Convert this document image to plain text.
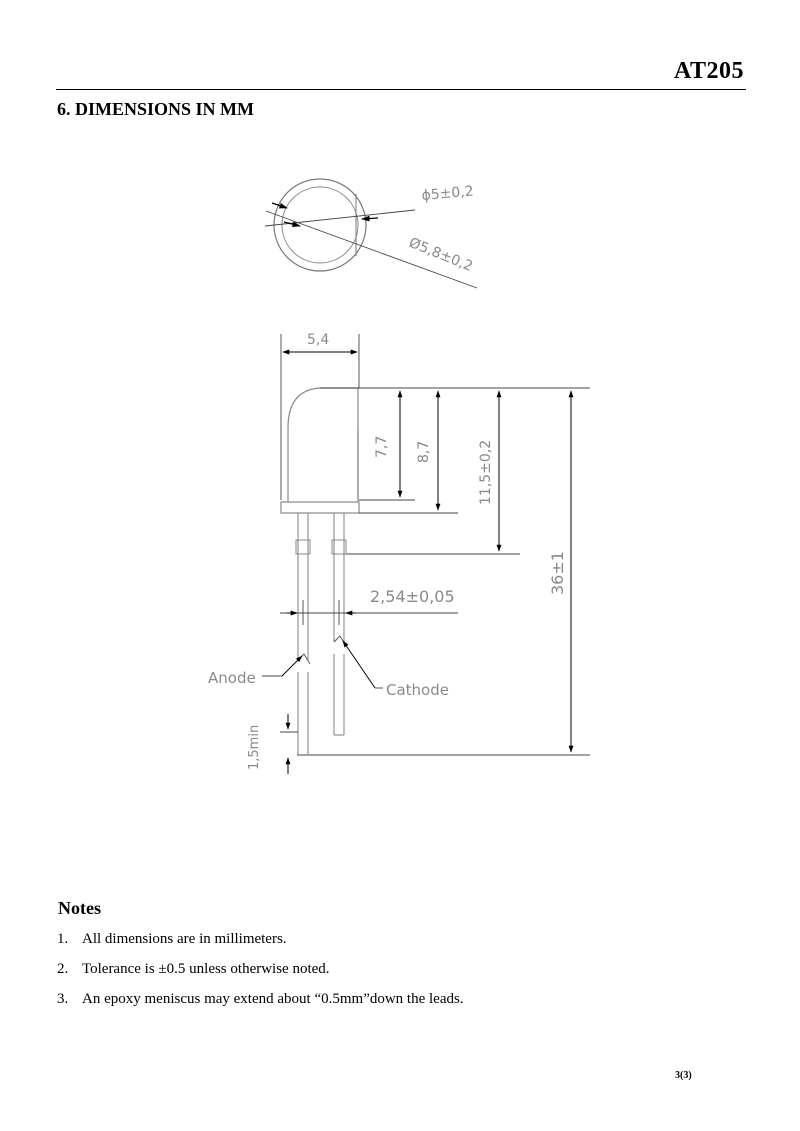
AT205
6. DIMENSIONS IN MM
ϕ5±0,2
Ø5,8±0,2
5,4
7,7 8,7	11,5±0,2
36±1
2,54±0,05
Anode
Cathode
1,5min
Notes
1. All dimensions are in millimeters.
2. Tolerance is ±0.5 unless otherwise noted.
3. An epoxy meniscus may extend about “0.5mm”down the leads.
3(3)
